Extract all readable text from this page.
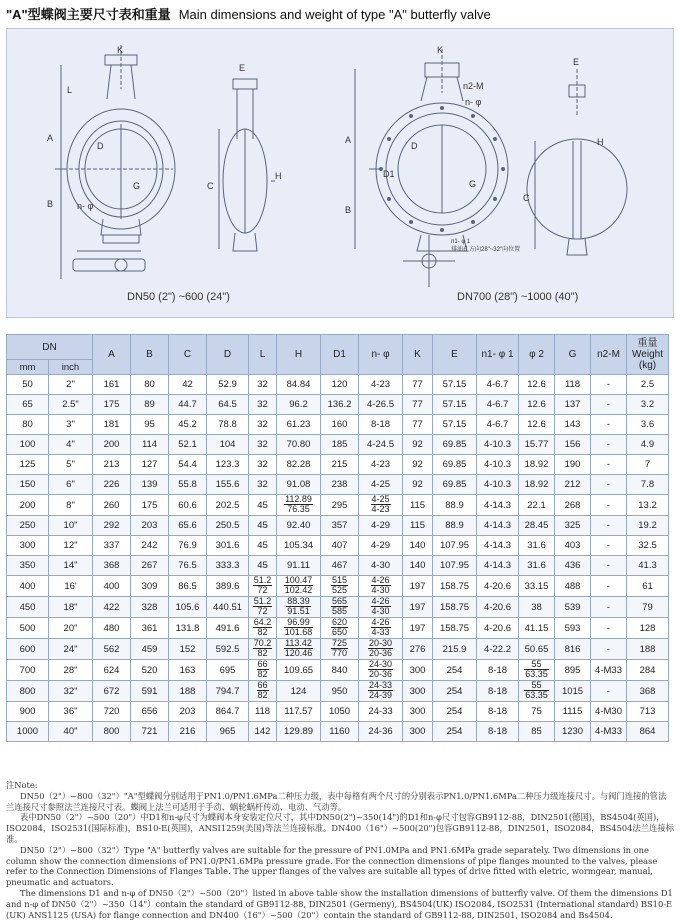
"A"型蝶阀主要尺寸表和重量 Main dimensions and weight of type "A" butterfly valve
K
L
A
B
D
G
n- φ
E
C
H
K
n2-M
n- φ
A
B
D
G
D1
E
C
H
n1- φ 1
排油孔方向28"~32"向位置
DN50 (2") ~600 (24")	DN700 (28") ~1000 (40")
DN		A	B	C	D	L	H	D1	n- φ	K	E	n1- φ 1	φ 2	G	n2-M	重量
Weight
(kg)
mm	inch															
50	2"	161	80	42	52.9	32	84.84	120	4-23	77	57.15	4-6.7	12.6	118	-	2.5
65	2.5"	175	89	44.7	64.5	32	96.2	136.2	4-26.5	77	57.15	4-6.7	12.6	137	-	3.2
80	3"	181	95	45.2	78.8	32	61.23	160	8-18	77	57.15	4-6.7	12.6	143	-	3.6
100	4"	200	114	52.1	104	32	70.80	185	4-24.5	92	69.85	4-10.3	15.77	156	-	4.9
125	5"	213	127	54.4	123.3	32	82.28	215	4-23	92	69.85	4-10.3	18.92	190	-	7
150	6"	226	139	55.8	155.6	32	91.08	238	4-25	92	69.85	4-10.3	18.92	212	-	7.8
200	8"	260	175	60.6	202.5	45	$\frac{112.89}{76.35}$	295	$\frac{4-25}{4-23}$	115	88.9	4-14.3	22.1	268	-	13.2
250	10"	292	203	65.6	250.5	45	92.40	357	4-29	115	88.9	4-14.3	28.45	325	-	19.2
300	12"	337	242	76.9	301.6	45	105.34	407	4-29	140	107.95	4-14.3	31.6	403	-	32.5
350	14"	368	267	76.5	333.3	45	91.11	467	4-30	140	107.95	4-14.3	31.6	436	-	41.3
400	16'	400	309	86.5	389.6	$\frac{51.2}{72}$	$\frac{100.47}{102.42}$	$\frac{515}{525}$	$\frac{4-26}{4-30}$	197	158.75	4-20.6	33.15	488	-	61
450	18"	422	328	105.6	440.51	$\frac{51.2}{72}$	$\frac{88.39}{91.51}$	$\frac{565}{585}$	$\frac{4-26}{4-30}$	197	158.75	4-20.6	38	539	-	79
500	20"	480	361	131.8	491.6	$\frac{64.2}{82}$	$\frac{96.99}{101.68}$	$\frac{620}{650}$	$\frac{4-26}{4-33}$	197	158.75	4-20.6	41.15	593	-	128
600	24"	562	459	152	592.5	$\frac{70.2}{82}$	$\frac{113.42}{120.46}$	$\frac{725}{770}$	$\frac{20-30}{20-36}$	276	215.9	4-22.2	50.65	816	-	188
700	28"	624	520	163	695	$\frac{66}{82}$	109.65	840	$\frac{24-30}{20-36}$	300	254	8-18	$\frac{55}{63.35}$	895	4-M33	284
800	32"	672	591	188	794.7	$\frac{66}{82}$	124	950	$\frac{24-33}{24-39}$	300	254	8-18	$\frac{55}{63.35}$	1015	-	368
900	36"	720	656	203	864.7	118	117.57	1050	24-33	300	254	8-18	75	1115	4-M30	713
1000	40"	800	721	216	965	142	129.89	1160	24-36	300	254	8-18	85	1230	4-M33	864

注Note:

DN50（2"）~800（32"）"A"型蝶阀分别适用于PN1.0/PN1.6MPa二种压力级，表中每格有两个尺寸的分别表示PN1.0/PN1.6MPa二种压力级连接尺寸。与阀门连接的管法兰连接尺寸参照法兰连接尺寸表。蝶阀上法兰可适用于手动、蜗轮蜗杆传动、电动、气动等。

表中DN50（2"）~500（20"）中D1和n-φ尺寸为蝶阀本身安装定位尺寸，其中DN50(2")~350(14")的D1和n-φ尺寸包容GB9112-88，DIN2501(德国)，BS4504(英国)，ISO2084，ISO2531(国际标准)，BS10-E(英国)，ANSI1259(美国)等法兰连接标准。DN400（16"）~500(20")包容GB9112-88，DIN2501，ISO2084，BS4504法兰连接标准。

DN50（2"）~800（32"）Type "A" butterfly valves are suitable for the pressure of PN1.0MPa and PN1.6MPa grade separately. Two dimensions in one column show the connection dimensions of PN1.0/PN1.6MPa pressure grade. For the connection dimensions of pipe flanges mounted to the valves, please refer to the Connection Dimensions of Flanges Table. The upper flanges of the valves are suitable all types of drive fitted with eletric, wormgear, manual, pneumatic and actuators.

The dimensions D1 and n-φ of DN50（2"）~500（20"）listed in above table show the installation dimensions of butterfly valve. Of them the dimensions D1 and n-φ of DN50（2"）~350（14"）contain the standard of GB9112-88, DIN2501 (Germeny), BS4504(UK) ISO2084, ISO2531 (International standard) BS10-E (UK) ANS1125 (USA) for flange connection and DN400（16"）~500（20"）contain the standard of GB9112-88, DIN2501, ISO2084 and Bs4504.
